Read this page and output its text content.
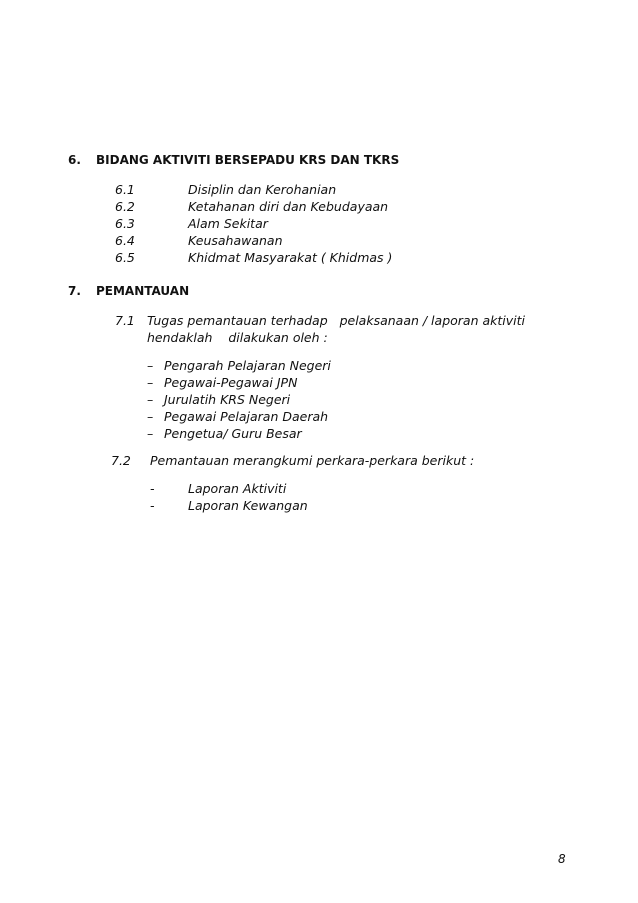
6. BIDANG AKTIVITI BERSEPADU KRS DAN TKRS
6.1	Disiplin dan Kerohanian
6.2	Ketahanan diri dan Kebudayaan
6.3	Alam Sekitar
6.4	Keusahawanan
6.5	Khidmat Masyarakat ( Khidmas )
7. PEMANTAUAN
7.1 Tugas pemantauan terhadap   pelaksanaan / laporan aktiviti
hendaklah    dilakukan oleh :
– Pengarah Pelajaran Negeri
– Pegawai-Pegawai JPN
– Jurulatih KRS Negeri
– Pegawai Pelajaran Daerah
– Pengetua/ Guru Besar
7.2 Pemantauan merangkumi perkara-perkara berikut :
-	Laporan Aktiviti
-	Laporan Kewangan
8
